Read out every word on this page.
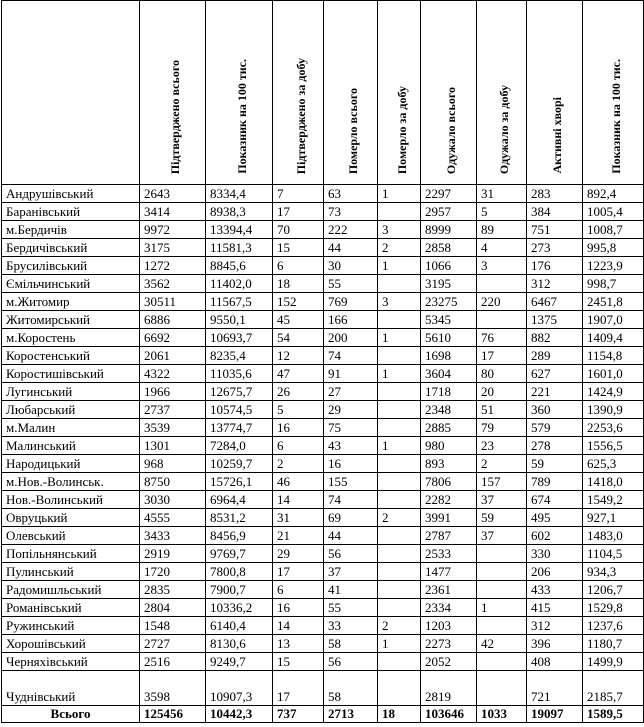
	Підтверджено всього	Показник на 100 тис.	Підтверджено за добу	Померло всього	Померло за добу	Одужало всього	Одужало за добу	Активні хворі	Показник на 100 тис.
Андрушівський	2643	8334,4	7	63	1	2297	31	283	892,4
Баранівський	3414	8938,3	17	73		2957	5	384	1005,4
м.Бердичів	9972	13394,4	70	222	3	8999	89	751	1008,7
Бердичівський	3175	11581,3	15	44	2	2858	4	273	995,8
Брусилівський	1272	8845,6	6	30	1	1066	3	176	1223,9
Ємільчинський	3562	11402,0	18	55		3195		312	998,7
м.Житомир	30511	11567,5	152	769	3	23275	220	6467	2451,8
Житомирський	6886	9550,1	45	166		5345		1375	1907,0
м.Коростень	6692	10693,7	54	200	1	5610	76	882	1409,4
Коростенський	2061	8235,4	12	74		1698	17	289	1154,8
Коростишівський	4322	11035,6	47	91	1	3604	80	627	1601,0
Лугинський	1966	12675,7	26	27		1718	20	221	1424,9
Любарський	2737	10574,5	5	29		2348	51	360	1390,9
м.Малин	3539	13774,7	16	75		2885	79	579	2253,6
Малинський	1301	7284,0	6	43	1	980	23	278	1556,5
Народицький	968	10259,7	2	16		893	2	59	625,3
м.Нов.-Волинськ.	8750	15726,1	46	155		7806	157	789	1418,0
Нов.-Волинський	3030	6964,4	14	74		2282	37	674	1549,2
Овруцький	4555	8531,2	31	69	2	3991	59	495	927,1
Олевський	3433	8456,9	21	44		2787	37	602	1483,0
Попільнянський	2919	9769,7	29	56		2533		330	1104,5
Пулинський	1720	7800,8	17	37		1477		206	934,3
Радомишльський	2835	7900,7	6	41		2361		433	1206,7
Романівський	2804	10336,2	16	55		2334	1	415	1529,8
Ружинський	1548	6140,4	14	33	2	1203		312	1237,6
Хорошівський	2727	8130,6	13	58	1	2273	42	396	1180,7
Черняхівський	2516	9249,7	15	56		2052		408	1499,9
Чуднівський	3598	10907,3	17	58		2819		721	2185,7
Всього	125456	10442,3	737	2713	18	103646	1033	19097	1589,5
